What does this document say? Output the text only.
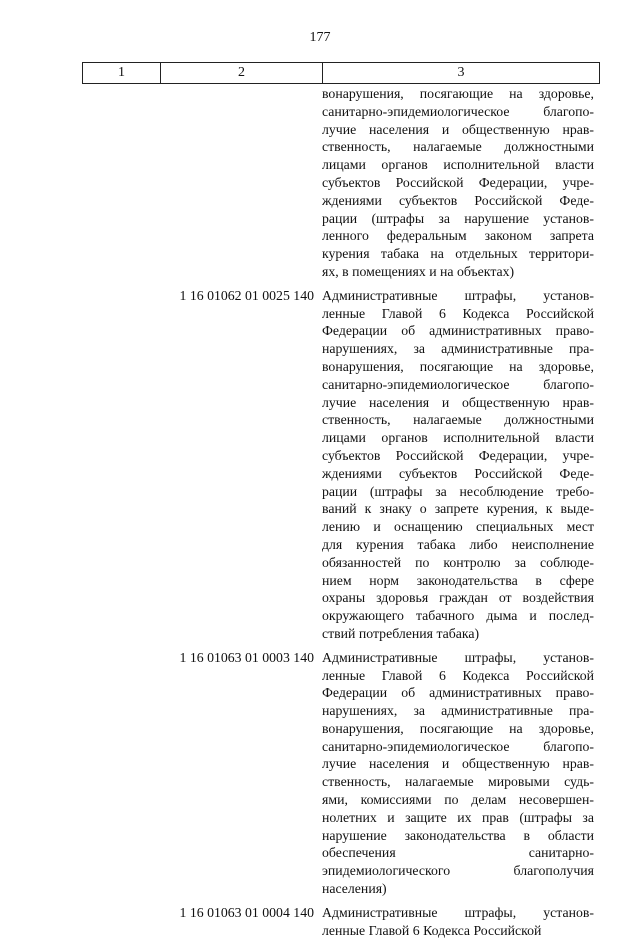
177
1	2	3
вонарушения, посягающие на здоровье,
санитарно-эпидемиологическое благопо-
лучие населения и общественную нрав-
ственность, налагаемые должностными
лицами органов исполнительной власти
субъектов Российской Федерации, учре-
ждениями субъектов Российской Феде-
рации (штрафы за нарушение установ-
ленного федеральным законом запрета
курения табака на отдельных территори-
ях, в помещениях и на объектах)
1 16 01062 01 0025 140 Административные штрафы, установ-
ленные Главой 6 Кодекса Российской
Федерации об административных право-
нарушениях, за административные пра-
вонарушения, посягающие на здоровье,
санитарно-эпидемиологическое благопо-
лучие населения и общественную нрав-
ственность, налагаемые должностными
лицами органов исполнительной власти
субъектов Российской Федерации, учре-
ждениями субъектов Российской Феде-
рации (штрафы за несоблюдение требо-
ваний к знаку о запрете курения, к выде-
лению и оснащению специальных мест
для курения табака либо неисполнение
обязанностей по контролю за соблюде-
нием норм законодательства в сфере
охраны здоровья граждан от воздействия
окружающего табачного дыма и послед-
ствий потребления табака)
1 16 01063 01 0003 140 Административные штрафы, установ-
ленные Главой 6 Кодекса Российской
Федерации об административных право-
нарушениях, за административные пра-
вонарушения, посягающие на здоровье,
санитарно-эпидемиологическое благопо-
лучие населения и общественную нрав-
ственность, налагаемые мировыми судь-
ями, комиссиями по делам несовершен-
нолетних и защите их прав (штрафы за
нарушение законодательства в области
обеспечения санитарно-
эпидемиологического благополучия
населения)
1 16 01063 01 0004 140 Административные штрафы, установ-
ленные Главой 6 Кодекса Российской
